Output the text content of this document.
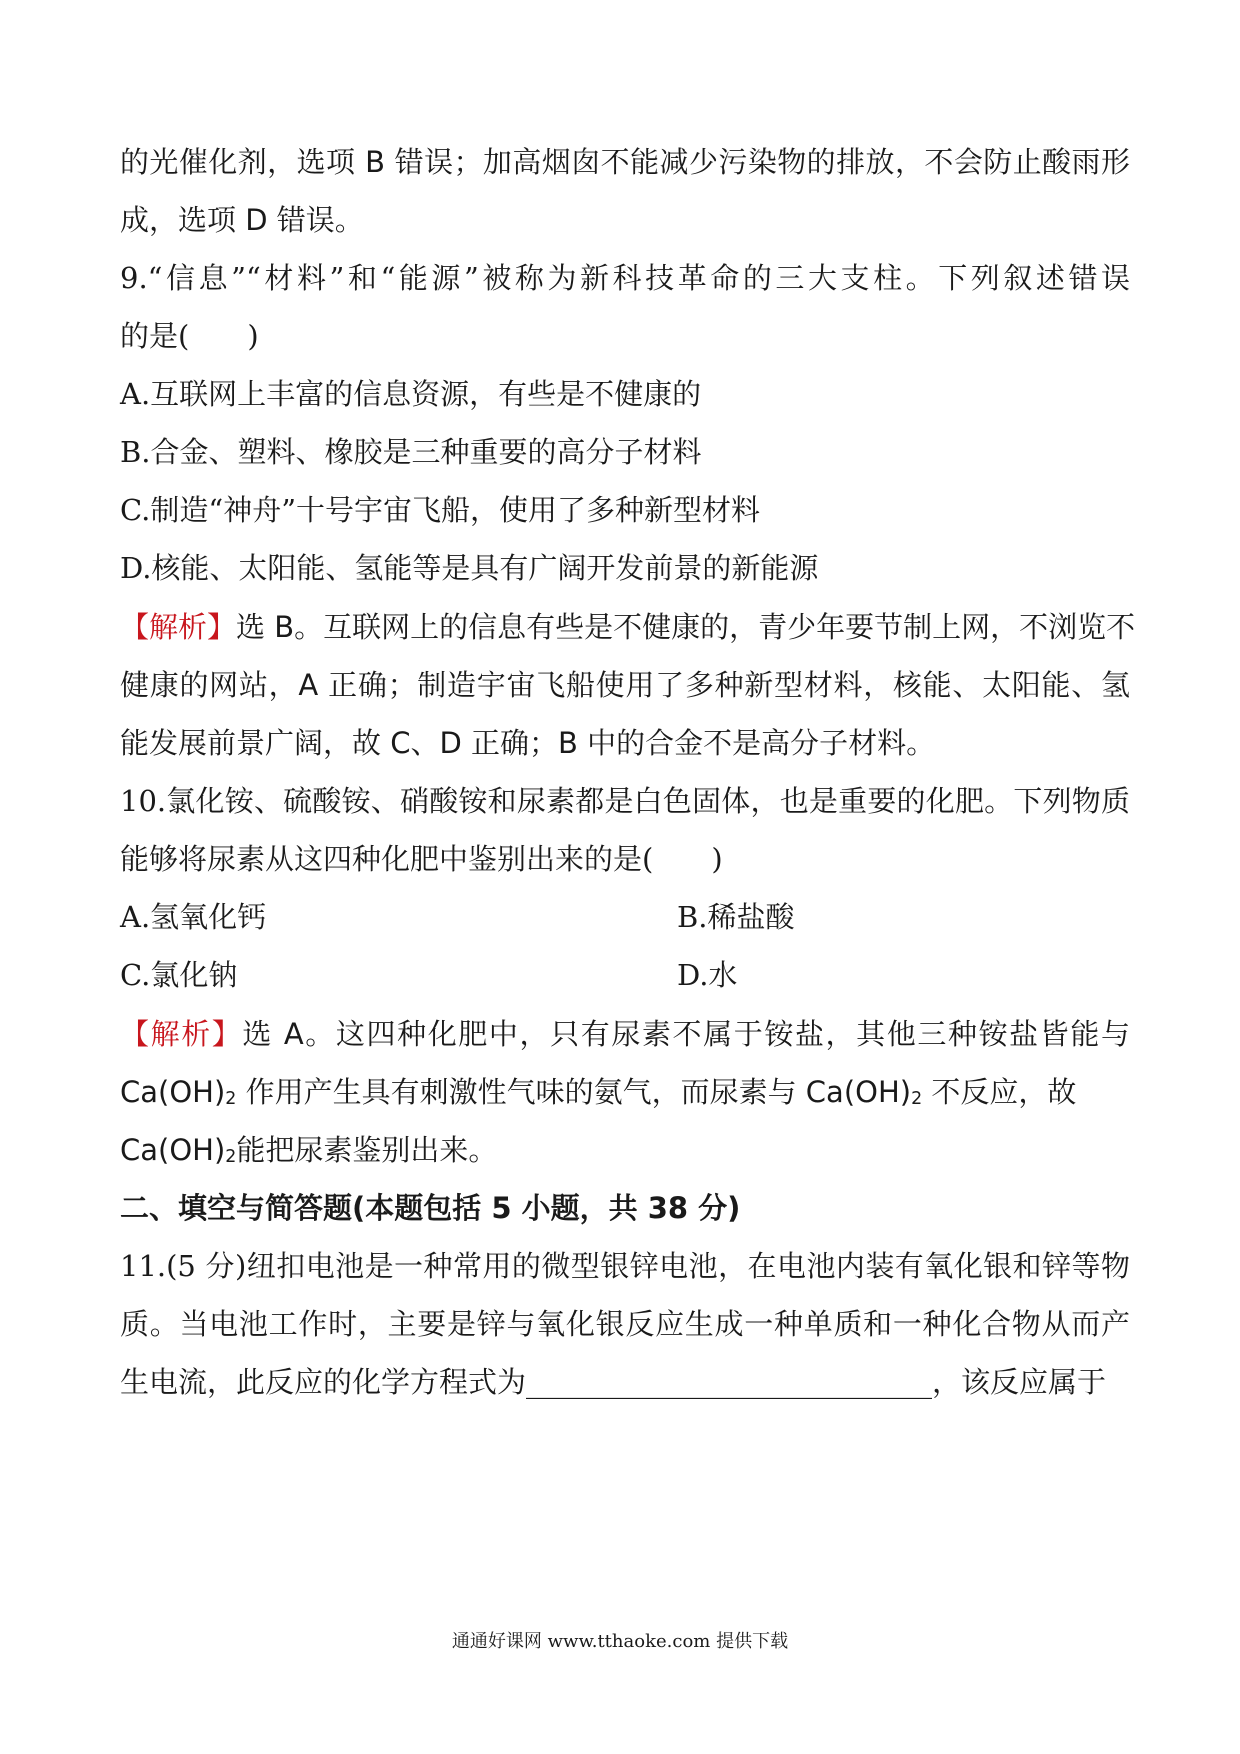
的光催化剂，选项 B 错误；加高烟囱不能减少污染物的排放，不会防止酸雨形
成，选项 D 错误。
9.“信息”“材料”和“能源”被称为新科技革命的三大支柱。下列叙述错误
的是(　　)
A.互联网上丰富的信息资源，有些是不健康的
B.合金、塑料、橡胶是三种重要的高分子材料
C.制造“神舟”十号宇宙飞船，使用了多种新型材料
D.核能、太阳能、氢能等是具有广阔开发前景的新能源
【解析】选 B。互联网上的信息有些是不健康的，青少年要节制上网，不浏览不
健康的网站，A 正确；制造宇宙飞船使用了多种新型材料，核能、太阳能、氢
能发展前景广阔，故 C、D 正确；B 中的合金不是高分子材料。
10.氯化铵、硫酸铵、硝酸铵和尿素都是白色固体，也是重要的化肥。下列物质
能够将尿素从这四种化肥中鉴别出来的是(　　)
A.氢氧化钙	B.稀盐酸
C.氯化钠	D.水
【解析】选 A。这四种化肥中，只有尿素不属于铵盐，其他三种铵盐皆能与
$Ca(OH)_2$ 作用产生具有刺激性气味的氨气，而尿素与 $Ca(OH)_2$ 不反应，故
$Ca(OH)_2$能把尿素鉴别出来。
二、填空与简答题(本题包括 5 小题，共 38 分)
11.(5 分)纽扣电池是一种常用的微型银锌电池，在电池内装有氧化银和锌等物
质。当电池工作时，主要是锌与氧化银反应生成一种单质和一种化合物从而产
生电流，此反应的化学方程式为____________________________，该反应属于
通通好课网 www.tthaoke.com 提供下载
